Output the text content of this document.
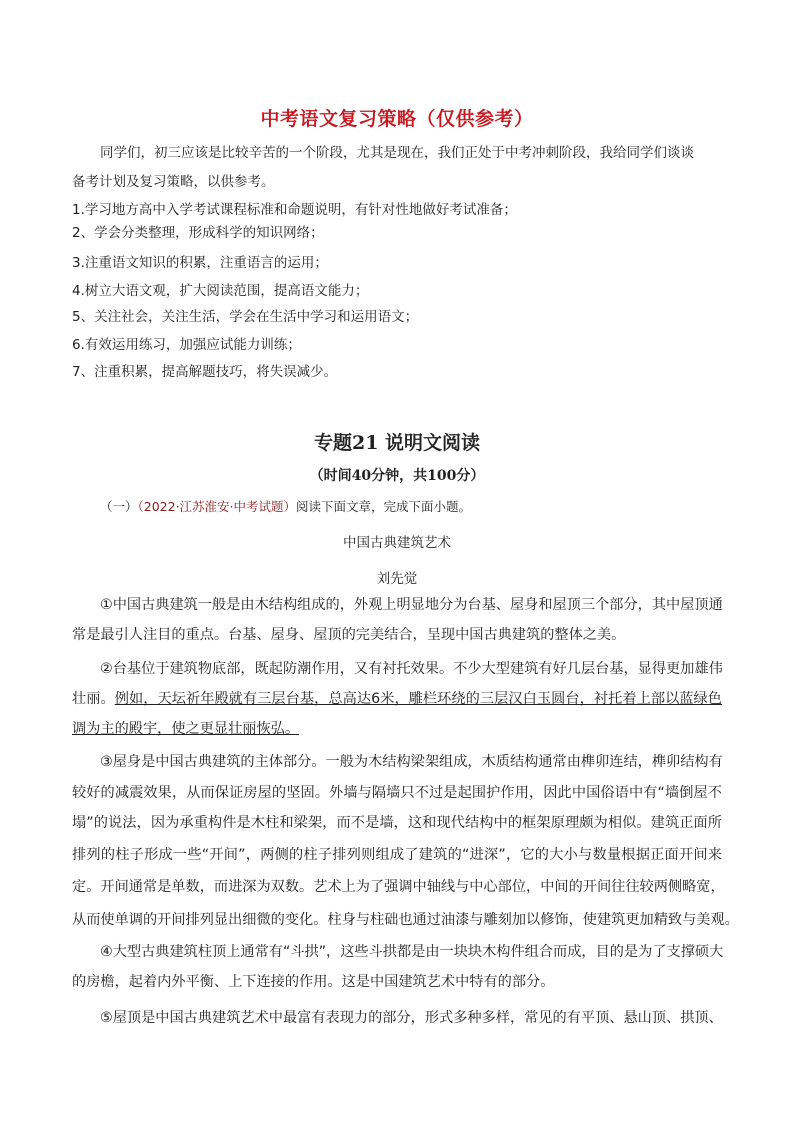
中考语文复习策略（仅供参考）
同学们，初三应该是比较辛苦的一个阶段，尤其是现在，我们正处于中考冲刺阶段，我给同学们谈谈
备考计划及复习策略，以供参考。
1.学习地方高中入学考试课程标准和命题说明，有针对性地做好考试准备；
2、学会分类整理，形成科学的知识网络；
3.注重语文知识的积累，注重语言的运用；
4.树立大语文观，扩大阅读范围，提高语文能力；
5、关注社会，关注生活，学会在生活中学习和运用语文；
6.有效运用练习，加强应试能力训练；
7、注重积累，提高解题技巧，将失误减少。
专题21 说明文阅读
（时间40分钟，共100分）
（一）（2022·江苏淮安·中考试题）阅读下面文章，完成下面小题。
中国古典建筑艺术
刘先觉
①中国古典建筑一般是由木结构组成的，外观上明显地分为台基、屋身和屋顶三个部分，其中屋顶通
常是最引人注目的重点。台基、屋身、屋顶的完美结合，呈现中国古典建筑的整体之美。
②台基位于建筑物底部，既起防潮作用，又有衬托效果。不少大型建筑有好几层台基，显得更加雄伟
壮丽。例如，天坛祈年殿就有三层台基，总高达6米，雕栏环绕的三层汉白玉圆台，衬托着上部以蓝绿色
调为主的殿宇，使之更显壮丽恢弘。
③屋身是中国古典建筑的主体部分。一般为木结构梁架组成，木质结构通常由榫卯连结，榫卯结构有
较好的减震效果，从而保证房屋的坚固。外墙与隔墙只不过是起围护作用，因此中国俗语中有“墙倒屋不
塌”的说法，因为承重构件是木柱和梁架，而不是墙，这和现代结构中的框架原理颇为相似。建筑正面所
排列的柱子形成一些“开间”，两侧的柱子排列则组成了建筑的“进深”，它的大小与数量根据正面开间来
定。开间通常是单数，而进深为双数。艺术上为了强调中轴线与中心部位，中间的开间往往较两侧略宽，
从而使单调的开间排列显出细微的变化。柱身与柱础也通过油漆与雕刻加以修饰，使建筑更加精致与美观。
④大型古典建筑柱顶上通常有“斗拱”，这些斗拱都是由一块块木构件组合而成，目的是为了支撑硕大
的房檐，起着内外平衡、上下连接的作用。这是中国建筑艺术中特有的部分。
⑤屋顶是中国古典建筑艺术中最富有表现力的部分，形式多种多样，常见的有平顶、悬山顶、拱顶、
